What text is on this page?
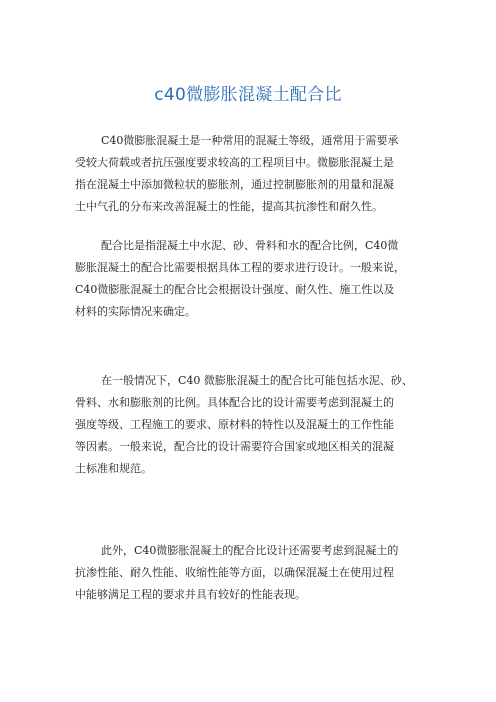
c40微膨胀混凝土配合比
C40微膨胀混凝土是一种常用的混凝土等级，通常用于需要承
受较大荷载或者抗压强度要求较高的工程项目中。微膨胀混凝土是
指在混凝土中添加微粒状的膨胀剂，通过控制膨胀剂的用量和混凝
土中气孔的分布来改善混凝土的性能，提高其抗渗性和耐久性。
配合比是指混凝土中水泥、砂、骨料和水的配合比例，C40微
膨胀混凝土的配合比需要根据具体工程的要求进行设计。一般来说，
C40微膨胀混凝土的配合比会根据设计强度、耐久性、施工性以及
材料的实际情况来确定。
在一般情况下，C40 微膨胀混凝土的配合比可能包括水泥、砂、
骨料、水和膨胀剂的比例。具体配合比的设计需要考虑到混凝土的
强度等级、工程施工的要求、原材料的特性以及混凝土的工作性能
等因素。一般来说，配合比的设计需要符合国家或地区相关的混凝
土标准和规范。
此外，C40微膨胀混凝土的配合比设计还需要考虑到混凝土的
抗渗性能、耐久性能、收缩性能等方面，以确保混凝土在使用过程
中能够满足工程的要求并具有较好的性能表现。
